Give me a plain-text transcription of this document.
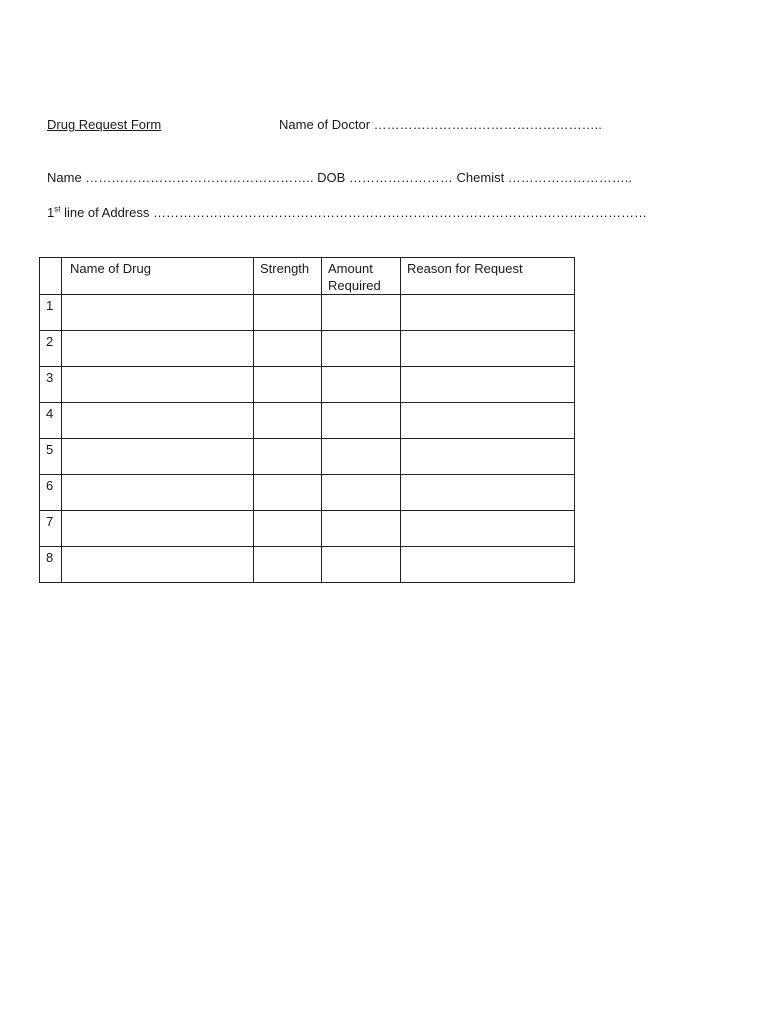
Drug Request Form	Name of Doctor ……………………………………………..
Name …………………………………………….. DOB …………………… Chemist ………………………..
1st line of Address ……………………………………………………………………………………………………
	Name of Drug	Strength	Amount Required	Reason for Request
1				
2				
3				
4				
5				
6				
7				
8				
